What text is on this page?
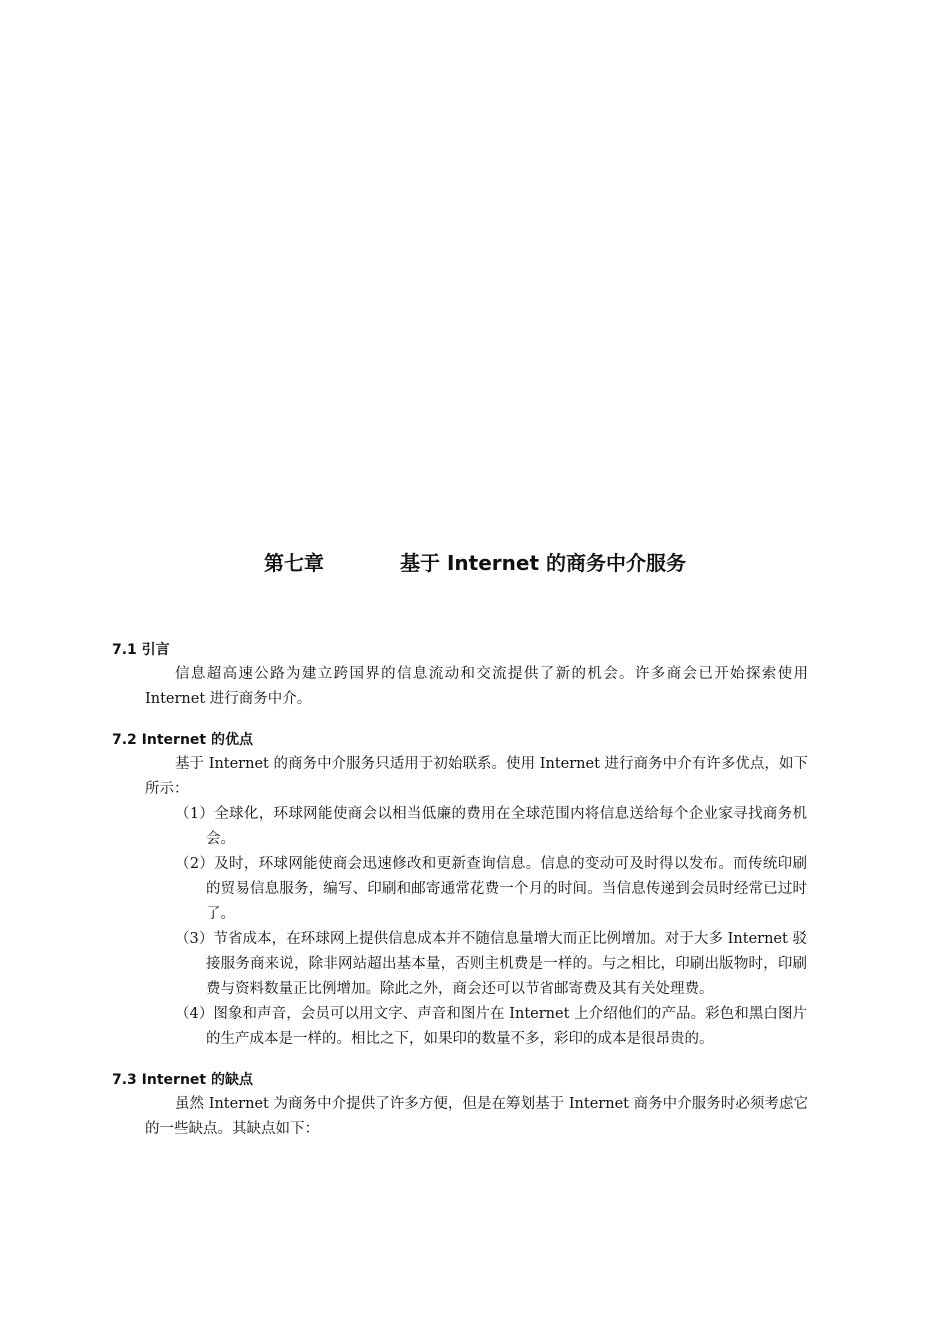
第七章	基于 Internet 的商务中介服务
7.1 引言

信息超高速公路为建立跨国界的信息流动和交流提供了新的机会。许多商会已开始探索使用 Internet 进行商务中介。

7.2 Internet 的优点

基于 Internet 的商务中介服务只适用于初始联系。使用 Internet 进行商务中介有许多优点，如下所示：

（1）全球化，环球网能使商会以相当低廉的费用在全球范围内将信息送给每个企业家寻找商务机会。
（2）及时，环球网能使商会迅速修改和更新查询信息。信息的变动可及时得以发布。而传统印刷的贸易信息服务，编写、印刷和邮寄通常花费一个月的时间。当信息传递到会员时经常已过时了。
（3）节省成本，在环球网上提供信息成本并不随信息量增大而正比例增加。对于大多 Internet 驳接服务商来说，除非网站超出基本量，否则主机费是一样的。与之相比，印刷出版物时，印刷费与资料数量正比例增加。除此之外，商会还可以节省邮寄费及其有关处理费。
（4）图象和声音，会员可以用文字、声音和图片在 Internet 上介绍他们的产品。彩色和黑白图片的生产成本是一样的。相比之下，如果印的数量不多，彩印的成本是很昂贵的。
7.3 Internet 的缺点

虽然 Internet 为商务中介提供了许多方便，但是在筹划基于 Internet 商务中介服务时必须考虑它的一些缺点。其缺点如下：
